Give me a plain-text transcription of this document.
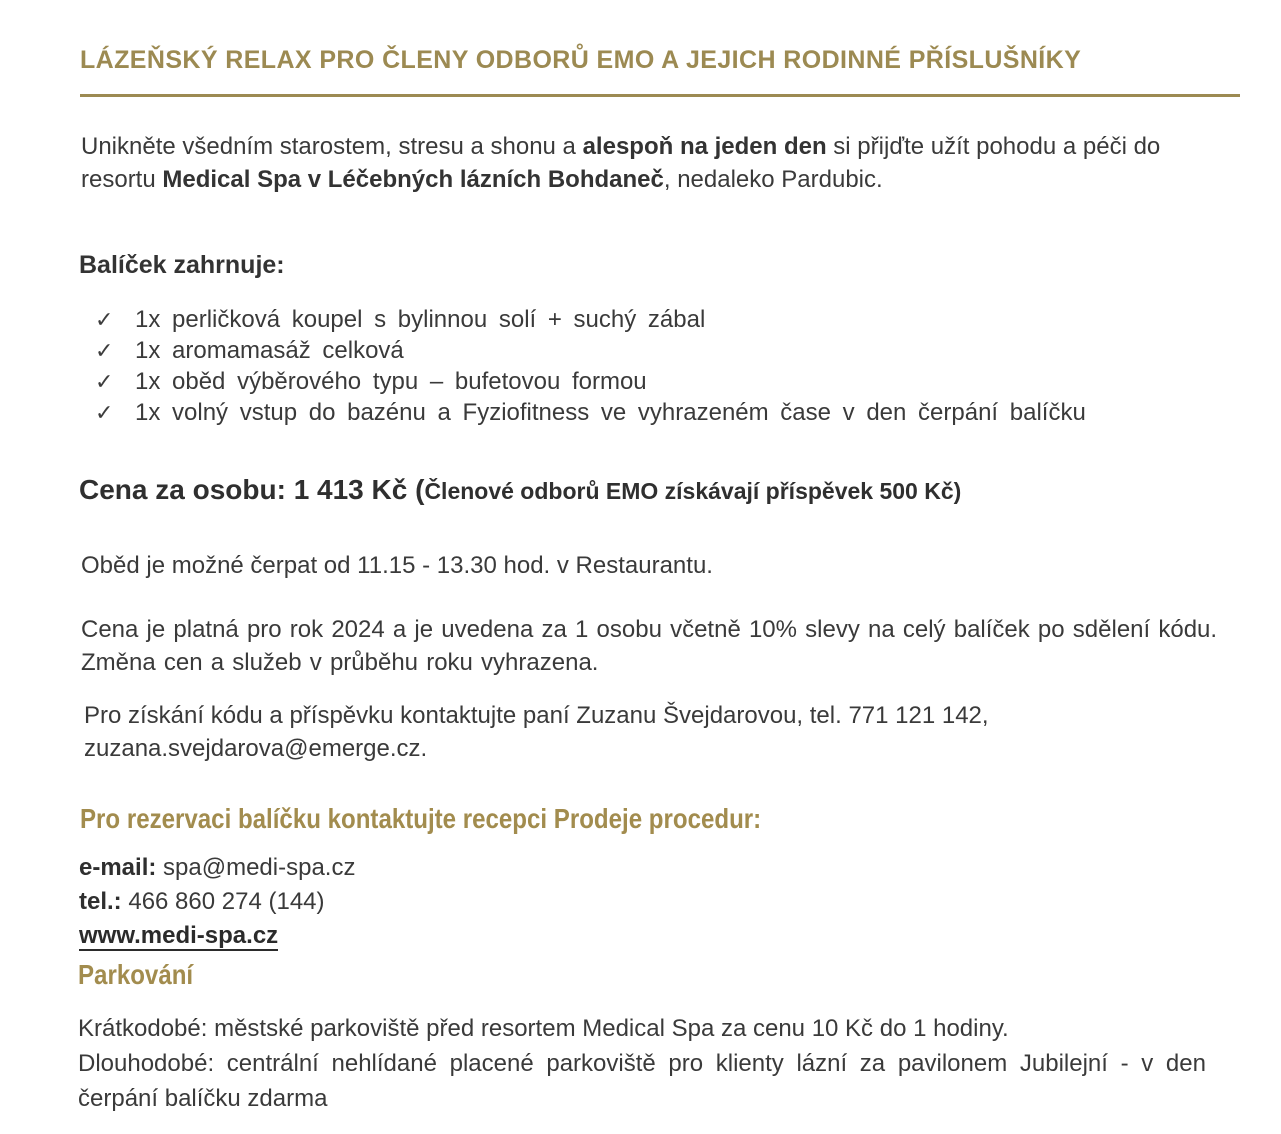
LÁZEŇSKÝ RELAX PRO ČLENY ODBORŮ EMO A JEJICH RODINNÉ PŘÍSLUŠNÍKY
Unikněte všedním starostem, stresu a shonu a alespoň na jeden den si přijďte užít pohodu a péči do
resortu Medical Spa v Léčebných lázních Bohdaneč, nedaleko Pardubic.
Balíček zahrnuje:
✓ 1x perličková koupel s bylinnou solí + suchý zábal
✓ 1x aromamasáž celková
✓ 1x oběd výběrového typu – bufetovou formou
✓ 1x volný vstup do bazénu a Fyziofitness ve vyhrazeném čase v den čerpání balíčku
Cena za osobu: 1 413 Kč (Členové odborů EMO získávají příspěvek 500 Kč)
Oběd je možné čerpat od 11.15 - 13.30 hod. v Restaurantu.
Cena je platná pro rok 2024 a je uvedena za 1 osobu včetně 10% slevy na celý balíček po sdělení kódu.
Změna cen a služeb v průběhu roku vyhrazena.
Pro získání kódu a příspěvku kontaktujte paní Zuzanu Švejdarovou, tel. 771 121 142,
zuzana.svejdarova@emerge.cz.
Pro rezervaci balíčku kontaktujte recepci Prodeje procedur:
e-mail: spa@medi-spa.cz
tel.: 466 860 274 (144)
www.medi-spa.cz
Parkování
Krátkodobé: městské parkoviště před resortem Medical Spa za cenu 10 Kč do 1 hodiny.
Dlouhodobé: centrální nehlídané placené parkoviště pro klienty lázní za pavilonem Jubilejní - v den
čerpání balíčku zdarma
